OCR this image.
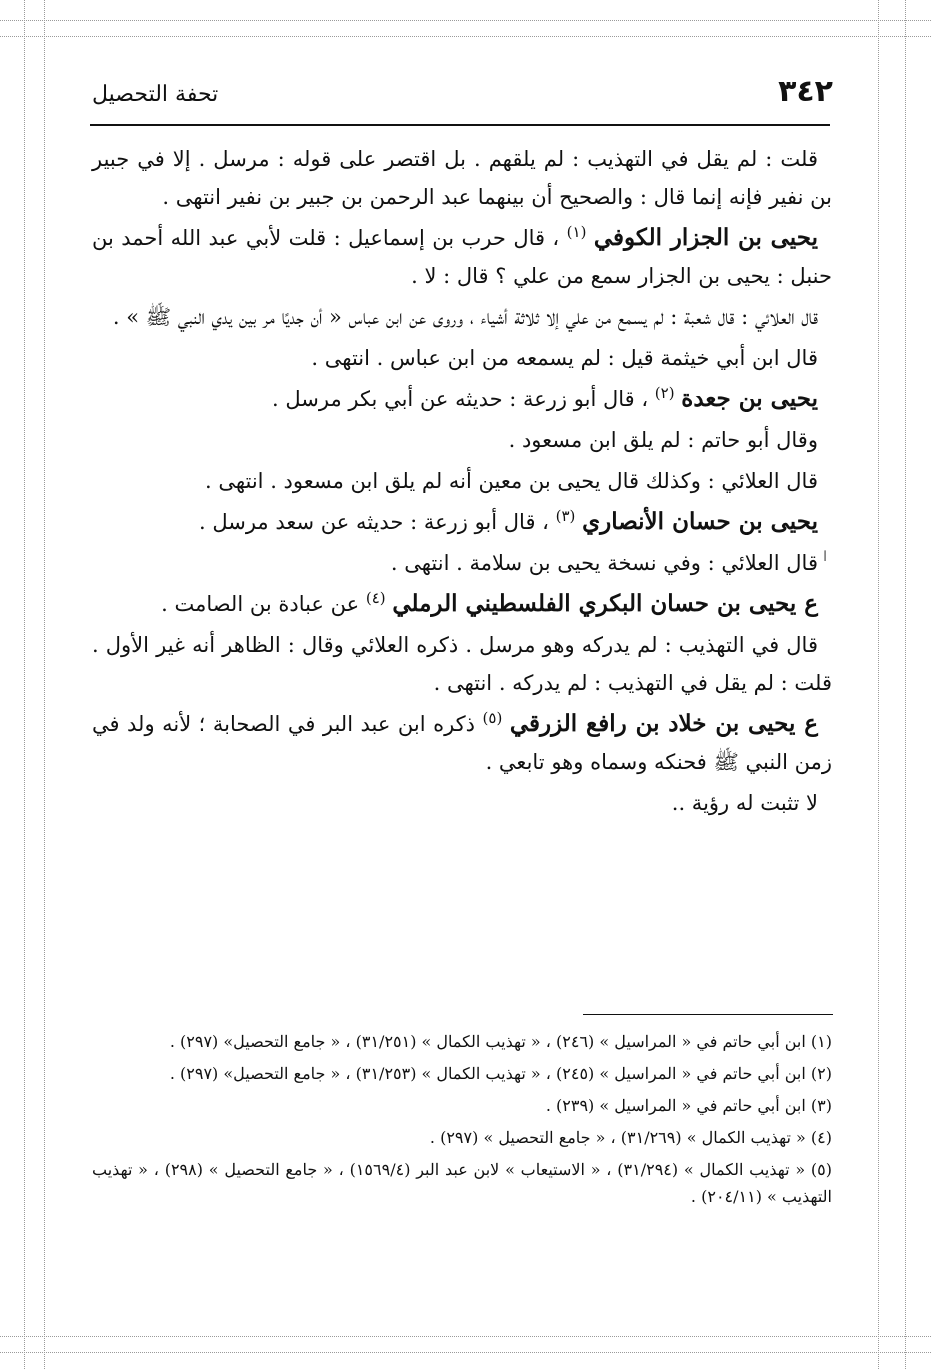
٣٤٢
تحفة التحصيل

قلت : لم يقل في التهذيب : لم يلقهم . بل اقتصر على قوله : مرسل . إلا في جبير بن نفير فإنه إنما قال : والصحيح أن بينهما عبد الرحمن بن جبير بن نفير انتهى .

يحيى بن الجزار الكوفي $^{(١)}$ ، قال حرب بن إسماعيل : قلت لأبي عبد الله أحمد بن حنبل : يحيى بن الجزار سمع من علي ؟ قال : لا .

قال العلائي : قال شعبة : لم يسمع من علي إلا ثلاثة أشياء ، وروى عن ابن عباس « أن جديًا مر بين يدي النبي ﷺ » .

قال ابن أبي خيثمة قيل : لم يسمعه من ابن عباس . انتهى .

يحيى بن جعدة $^{(٢)}$ ، قال أبو زرعة : حديثه عن أبي بكر مرسل .

وقال أبو حاتم : لم يلق ابن مسعود .

قال العلائي : وكذلك قال يحيى بن معين أنه لم يلق ابن مسعود . انتهى .

يحيى بن حسان الأنصاري $^{(٣)}$ ، قال أبو زرعة : حديثه عن سعد مرسل .

قال العلائي : وفي نسخة يحيى بن سلامة . انتهى .

ع يحيى بن حسان البكري الفلسطيني الرملي $^{(٤)}$ عن عبادة بن الصامت .

قال في التهذيب : لم يدركه وهو مرسل . ذكره العلائي وقال : الظاهر أنه غير الأول . قلت : لم يقل في التهذيب : لم يدركه . انتهى .

ع يحيى بن خلاد بن رافع الزرقي $^{(٥)}$ ذكره ابن عبد البر في الصحابة ؛ لأنه ولد في زمن النبي ﷺ فحنكه وسماه وهو تابعي .

لا تثبت له رؤية ..

ا

(١) ابن أبي حاتم في « المراسيل » (٢٤٦) ، « تهذيب الكمال » (٣١/٢٥١) ، « جامع التحصيل» (٢٩٧) .

(٢) ابن أبي حاتم في « المراسيل » (٢٤٥) ، « تهذيب الكمال » (٣١/٢٥٣) ، « جامع التحصيل» (٢٩٧) .

(٣) ابن أبي حاتم في « المراسيل » (٢٣٩) .

(٤) « تهذيب الكمال » (٣١/٢٦٩) ، « جامع التحصيل » (٢٩٧) .

(٥) « تهذيب الكمال » (٣١/٢٩٤) ، « الاستيعاب » لابن عبد البر (١٥٦٩/٤) ، « جامع التحصيل » (٢٩٨) ، « تهذيب التهذيب » (٢٠٤/١١) .
